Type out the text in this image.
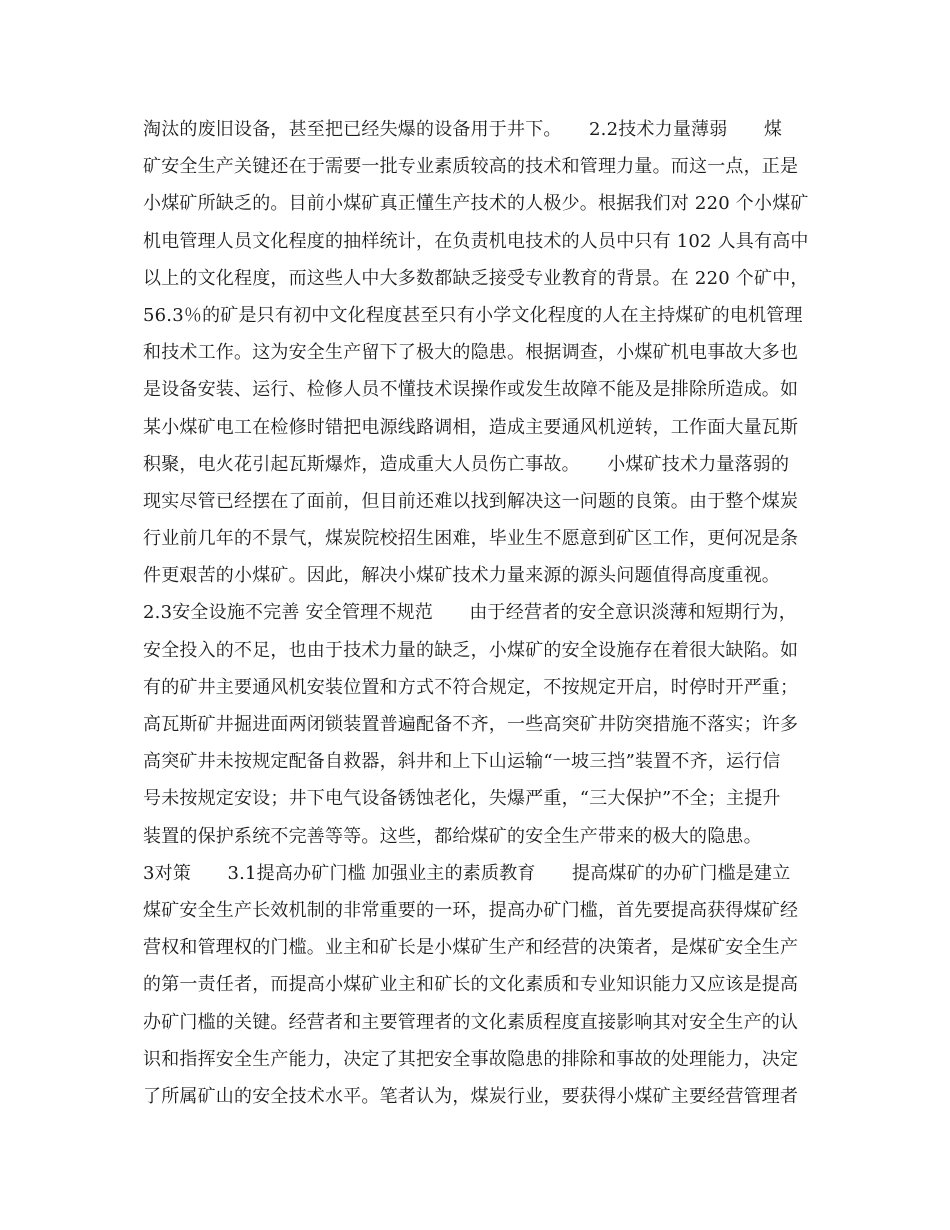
淘汰的废旧设备，甚至把已经失爆的设备用于井下。　　2.2技术力量薄弱　　煤
矿安全生产关键还在于需要一批专业素质较高的技术和管理力量。而这一点，正是
小煤矿所缺乏的。目前小煤矿真正懂生产技术的人极少。根据我们对 220 个小煤矿
机电管理人员文化程度的抽样统计，在负责机电技术的人员中只有 102 人具有高中
以上的文化程度，而这些人中大多数都缺乏接受专业教育的背景。在 220 个矿中，
56.3％的矿是只有初中文化程度甚至只有小学文化程度的人在主持煤矿的电机管理
和技术工作。这为安全生产留下了极大的隐患。根据调查，小煤矿机电事故大多也
是设备安装、运行、检修人员不懂技术误操作或发生故障不能及是排除所造成。如
某小煤矿电工在检修时错把电源线路调相，造成主要通风机逆转，工作面大量瓦斯
积聚，电火花引起瓦斯爆炸，造成重大人员伤亡事故。　　小煤矿技术力量落弱的
现实尽管已经摆在了面前，但目前还难以找到解决这一问题的良策。由于整个煤炭
行业前几年的不景气，煤炭院校招生困难，毕业生不愿意到矿区工作，更何况是条
件更艰苦的小煤矿。因此，解决小煤矿技术力量来源的源头问题值得高度重视。
2.3安全设施不完善 安全管理不规范　　由于经营者的安全意识淡薄和短期行为，
安全投入的不足，也由于技术力量的缺乏，小煤矿的安全设施存在着很大缺陷。如
有的矿井主要通风机安装位置和方式不符合规定，不按规定开启，时停时开严重；
高瓦斯矿井掘进面两闭锁装置普遍配备不齐，一些高突矿井防突措施不落实；许多
高突矿井未按规定配备自救器，斜井和上下山运输“一坡三挡”装置不齐，运行信
号未按规定安设；井下电气设备锈蚀老化，失爆严重，“三大保护”不全；主提升
装置的保护系统不完善等等。这些，都给煤矿的安全生产带来的极大的隐患。
3对策　　3.1提高办矿门槛 加强业主的素质教育　　提高煤矿的办矿门槛是建立
煤矿安全生产长效机制的非常重要的一环，提高办矿门槛，首先要提高获得煤矿经
营权和管理权的门槛。业主和矿长是小煤矿生产和经营的决策者，是煤矿安全生产
的第一责任者，而提高小煤矿业主和矿长的文化素质和专业知识能力又应该是提高
办矿门槛的关键。经营者和主要管理者的文化素质程度直接影响其对安全生产的认
识和指挥安全生产能力，决定了其把安全事故隐患的排除和事故的处理能力，决定
了所属矿山的安全技术水平。笔者认为，煤炭行业，要获得小煤矿主要经营管理者
